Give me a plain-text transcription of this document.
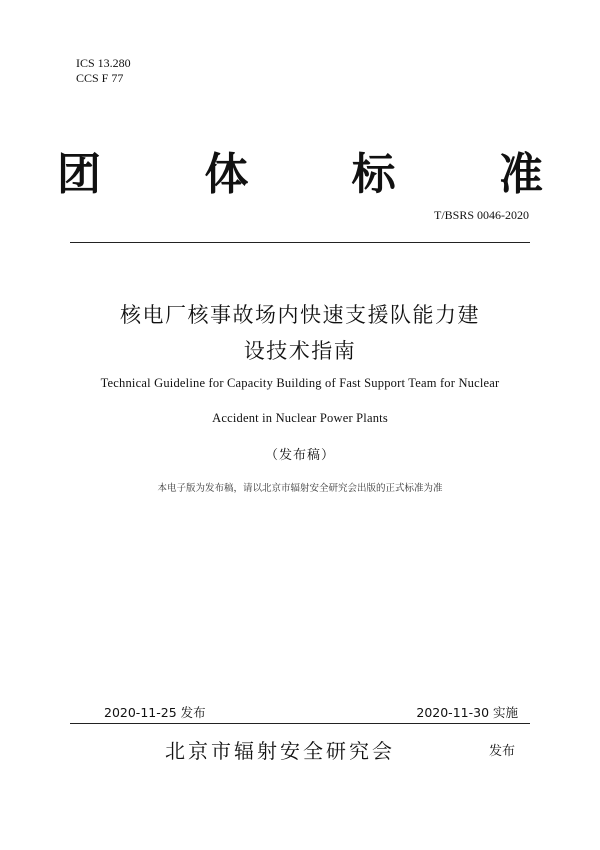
ICS 13.280
CCS F 77
团 体 标 准
T/BSRS 0046-2020
核电厂核事故场内快速支援队能力建
设技术指南
Technical Guideline for Capacity Building of Fast Support Team for Nuclear
Accident in Nuclear Power Plants
（发布稿）
本电子版为发布稿，请以北京市辐射安全研究会出版的正式标准为准
2020-11-25 发布	2020-11-30 实施
北京市辐射安全研究会	发布
